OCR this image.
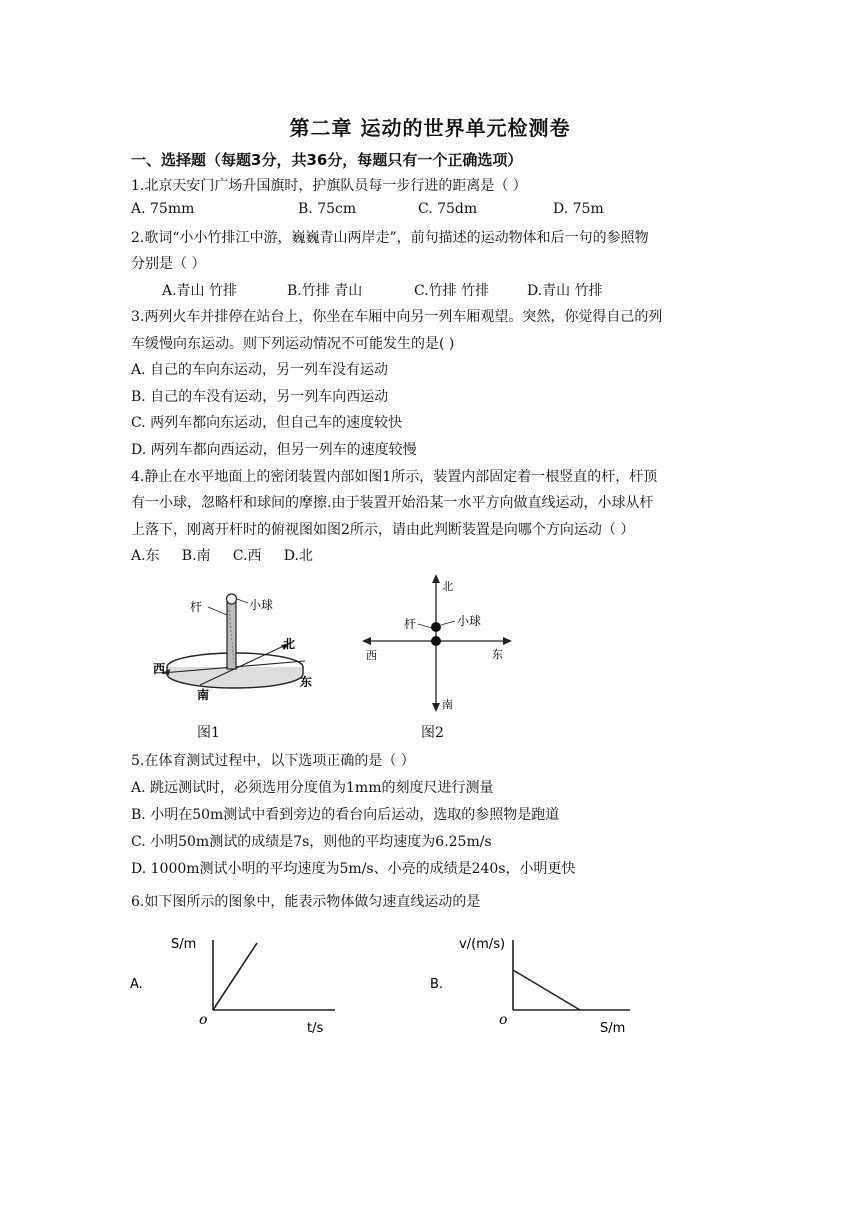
第二章 运动的世界单元检测卷
一、选择题（每题3分，共36分，每题只有一个正确选项）
1.北京天安门广场升国旗时，护旗队员每一步行进的距离是（ ）
A. 75mm	B. 75cm	C. 75dm	D. 75m
2.歌词“小小竹排江中游，巍巍青山两岸走”，前句描述的运动物体和后一句的参照物
分别是（ ）
A.青山 竹排	B.竹排 青山	C.竹排 竹排	D.青山 竹排
3.两列火车并排停在站台上，你坐在车厢中向另一列车厢观望。突然，你觉得自己的列
车缓慢向东运动。则下列运动情况不可能发生的是( )
A. 自己的车向东运动，另一列车没有运动
B. 自己的车没有运动，另一列车向西运动
C. 两列车都向东运动，但自己车的速度较快
D. 两列车都向西运动，但另一列车的速度较慢
4.静止在水平地面上的密闭装置内部如图1所示，装置内部固定着一根竖直的杆，杆顶
有一小球，忽略杆和球间的摩擦.由于装置开始沿某一水平方向做直线运动，小球从杆
上落下，刚离开杆时的俯视图如图2所示，请由此判断装置是向哪个方向运动（ ）
A.东     B.南     C.西     D.北
杆	小球
北
西
南
东
图1
北
杆	小球
西	东
南
图2
5.在体育测试过程中，以下选项正确的是（ ）
A. 跳远测试时，必须选用分度值为1mm的刻度尺进行测量
B. 小明在50m测试中看到旁边的看台向后运动，选取的参照物是跑道
C. 小明50m测试的成绩是7s，则他的平均速度为6.25m/s
D. 1000m测试小明的平均速度为5m/s、小亮的成绩是240s，小明更快
6.如下图所示的图象中，能表示物体做匀速直线运动的是
A.
S/m
o
t/s
B.
v/(m/s)
o
S/m
